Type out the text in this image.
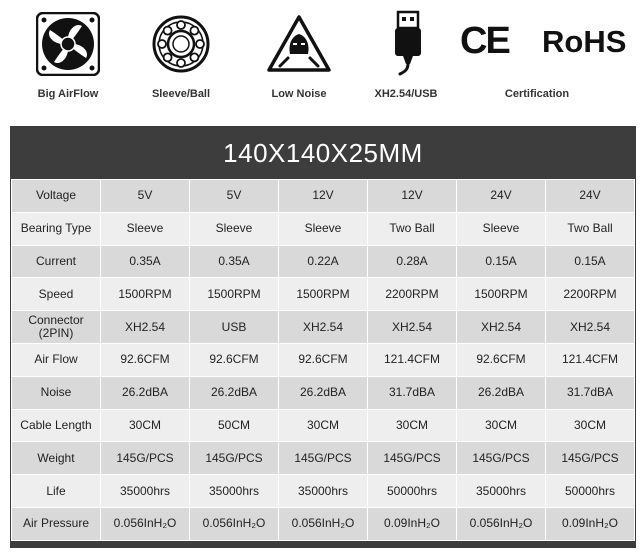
Big AirFlow	Sleeve/Ball	Low Noise	XH2.54/USB
CE RoHS
Certification
140X140X25MM
Voltage	5V	5V	12V	12V	24V	24V
Bearing Type	Sleeve	Sleeve	Sleeve	Two Ball	Sleeve	Two Ball
Current	0.35A	0.35A	0.22A	0.28A	0.15A	0.15A
Speed	1500RPM	1500RPM	1500RPM	2200RPM	1500RPM	2200RPM
Connector
(2PIN)	XH2.54	USB	XH2.54	XH2.54	XH2.54	XH2.54
Air Flow	92.6CFM	92.6CFM	92.6CFM	121.4CFM	92.6CFM	121.4CFM
Noise	26.2dBA	26.2dBA	26.2dBA	31.7dBA	26.2dBA	31.7dBA
Cable Length	30CM	50CM	30CM	30CM	30CM	30CM
Weight	145G/PCS	145G/PCS	145G/PCS	145G/PCS	145G/PCS	145G/PCS
Life	35000hrs	35000hrs	35000hrs	50000hrs	35000hrs	50000hrs
Air Pressure	0.056InH₂O	0.056InH₂O	0.056InH₂O	0.09InH₂O	0.056InH₂O	0.09InH₂O
